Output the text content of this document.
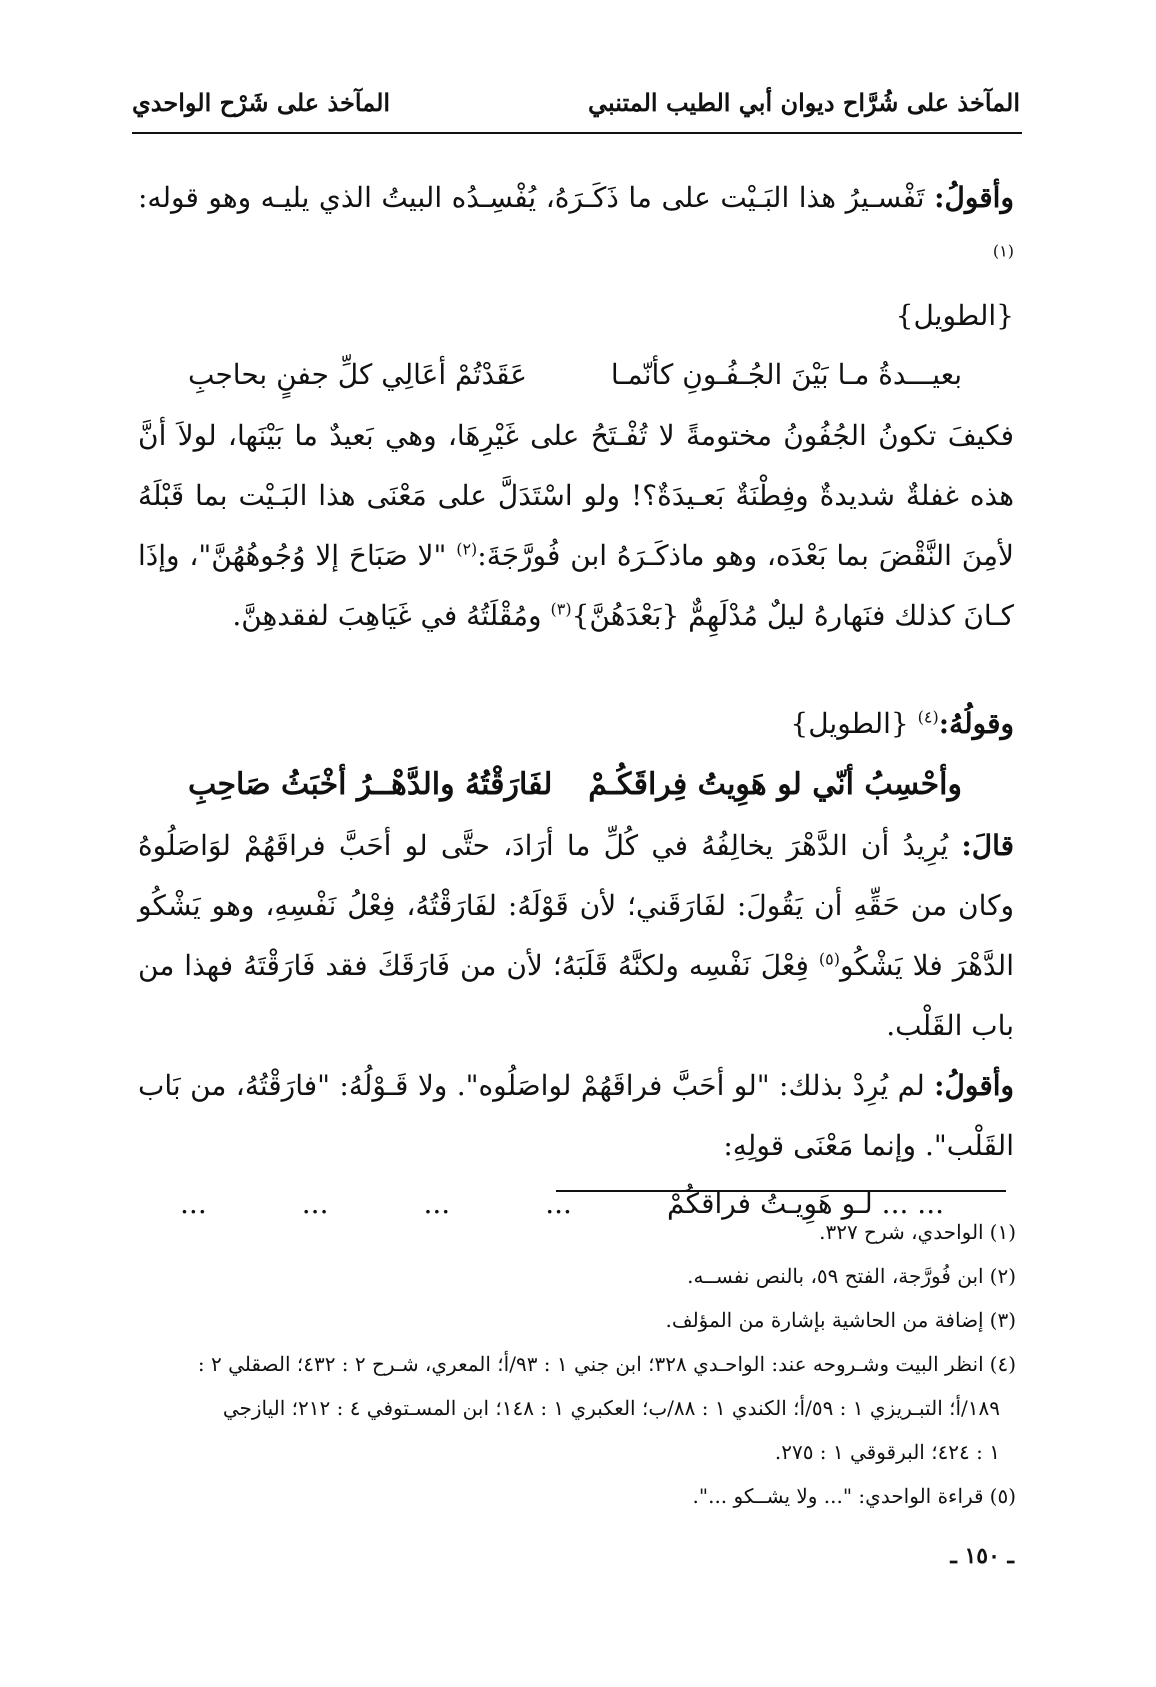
المآخذ على شُرَّاح ديوان أبي الطيب المتنبي
المآخذ على شَرْح الواحدي

وأقولُ: تَفْسـيرُ هذا البَـيْت على ما ذَكَـرَهُ، يُفْسِـدُه البيتُ الذي يليـه وهو قوله:$^{(١)}$
{الطويل}

بعيـــدةُ مـا بَيْنَ الجُـفُـونِ كأنّمـا
عَقَدْتُمْ أعَالِي كلِّ جفنٍ بحاجبِ

فكيفَ تكونُ الجُفُونُ مختومةً لا تُفْـتَحُ على غَيْرِهَا، وهي بَعيدٌ ما بَيْنَها، لولاَ أنَّ هذه غفلةٌ شديدةٌ وفِطْنَةٌ بَعـيدَةٌ؟! ولو اسْتَدَلَّ على مَعْنَى هذا البَـيْت بما قَبْلَهُ لأمِنَ النَّقْضَ بما بَعْدَه، وهو ماذكَـرَهُ ابن فُورَّجَةَ:$^{(٢)}$ "لا صَبَاحَ إلا وُجُوهُهُنَّ"، وإذَا كـانَ كذلك فنَهارهُ ليلٌ مُدْلَهِمٌّ {بَعْدَهُنَّ}$^{(٣)}$ ومُقْلَتُهُ في غَيَاهِبَ لفقدهِنَّ.

وقولُهُ:$^{(٤)}$ {الطويل}

وأحْسِبُ أنّي لو هَوِيتُ فِراقَكُـمْ
لفَارَقْتُهُ والدَّهْــرُ أخْبَثُ صَاحِبِ

قالَ: يُرِيدُ أن الدَّهْرَ يخالِفُهُ في كُلِّ ما أرَادَ، حتَّى لو أحَبَّ فراقَهُمْ لوَاصَلُوهُ وكان من حَقِّهِ أن يَقُولَ: لفَارَقَني؛ لأن قَوْلَهُ: لفَارَقْتُهُ، فِعْلُ نَفْسِهِ، وهو يَشْكُو الدَّهْرَ فلا يَشْكُو$^{(٥)}$ فِعْلَ نَفْسِه ولكنَّهُ قَلَبَهُ؛ لأن من فَارَقَكَ فقد فَارَقْتَهُ فهذا من باب القَلْب.

وأقولُ: لم يُرِدْ بذلك: "لو أحَبَّ فراقَهُمْ لواصَلُوه". ولا قَـوْلُهُ: "فارَقْتُهُ، من بَاب القَلْب". وإنما مَعْنَى قولِهِ:

... ... لـو هَوِيـتُ فراقكُمْ
...
...
...
...

(١)الواحدي، شرح ٣٢٧.

(٢)ابن فُورَّجة، الفتح ٥٩، بالنص نفســه.

(٣)إضافة من الحاشية بإشارة من المؤلف.

(٤)انظر البيت وشـروحه عند: الواحـدي ٣٢٨؛ ابن جني ١ : ٩٣/أ؛ المعري، شـرح ٢ : ٤٣٢؛ الصقلي ٢ :

١٨٩/أ؛ التبـريزي ١ : ٥٩/أ؛ الكندي ١ : ٨٨/ب؛ العكبري ١ : ١٤٨؛ ابن المسـتوفي ٤ : ٢١٢؛ اليازجي

١ : ٤٢٤؛ البرقوقي ١ : ٢٧٥.

(٥)قراءة الواحدي: "... ولا يشــكو ...".

ـ ١٥٠ ـ
